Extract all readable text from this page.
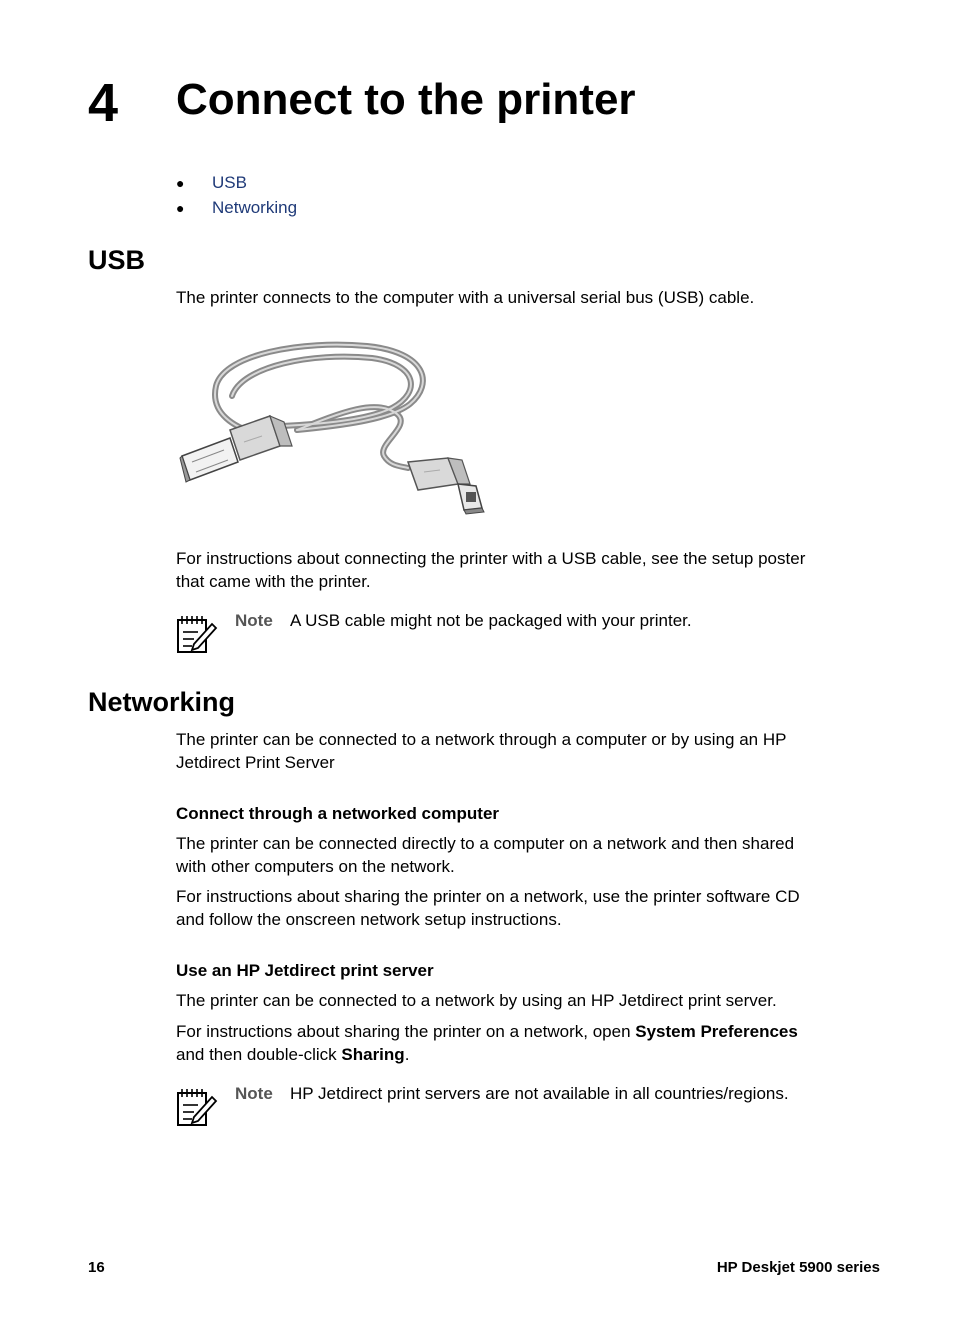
4 Connect to the printer
●	USB
●	Networking
USB
The printer connects to the computer with a universal serial bus (USB) cable.
For instructions about connecting the printer with a USB cable, see the setup poster
that came with the printer.
Note A USB cable might not be packaged with your printer.
Networking
The printer can be connected to a network through a computer or by using an HP
Jetdirect Print Server
Connect through a networked computer
The printer can be connected directly to a computer on a network and then shared
with other computers on the network.
For instructions about sharing the printer on a network, use the printer software CD
and follow the onscreen network setup instructions.
Use an HP Jetdirect print server
The printer can be connected to a network by using an HP Jetdirect print server.
For instructions about sharing the printer on a network, open System Preferences
and then double-click Sharing.
Note HP Jetdirect print servers are not available in all countries/regions.
16	HP Deskjet 5900 series
